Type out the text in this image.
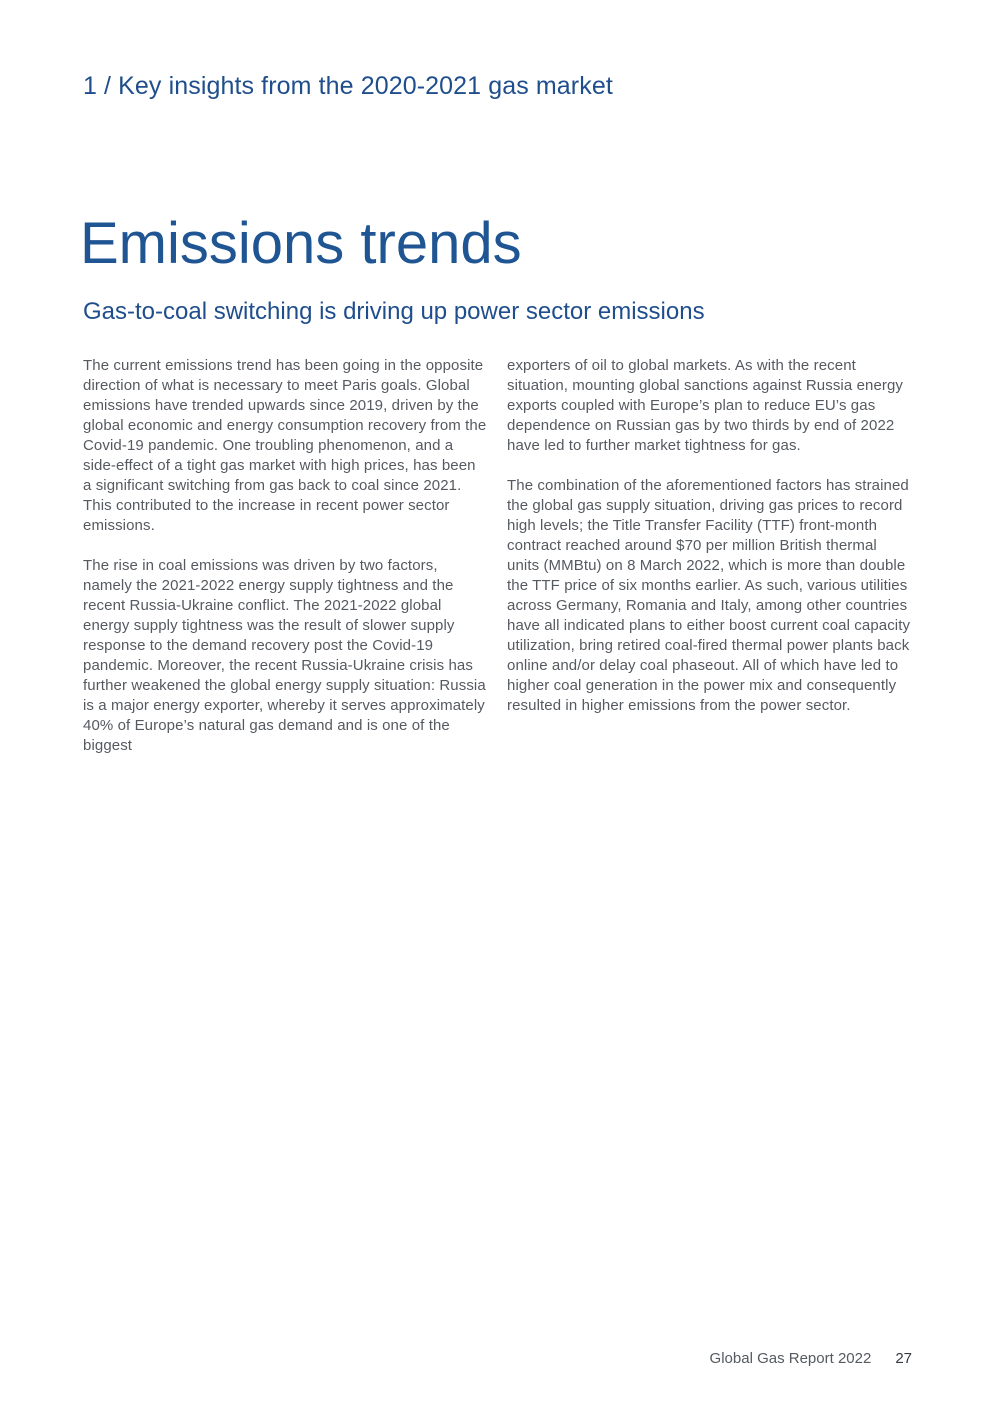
1 / Key insights from the 2020-2021 gas market
Emissions trends
Gas-to-coal switching is driving up power sector emissions

The current emissions trend has been going in the opposite direction of what is necessary to meet Paris goals. Global emissions have trended upwards since 2019, driven by the global economic and energy consumption recovery from the Covid-19 pandemic. One troubling phenomenon, and a side-effect of a tight gas market with high prices, has been a significant switching from gas back to coal since 2021. This contributed to the increase in recent power sector emissions.

The rise in coal emissions was driven by two factors, namely the 2021-2022 energy supply tightness and the recent Russia-Ukraine conflict. The 2021-2022 global energy supply tightness was the result of slower supply response to the demand recovery post the Covid-19 pandemic. Moreover, the recent Russia-Ukraine crisis has further weakened the global energy supply situation: Russia is a major energy exporter, whereby it serves approximately 40% of Europe’s natural gas demand and is one of the biggest

exporters of oil to global markets. As with the recent situation, mounting global sanctions against Russia energy exports coupled with Europe’s plan to reduce EU’s gas dependence on Russian gas by two thirds by end of 2022 have led to further market tightness for gas.

The combination of the aforementioned factors has strained the global gas supply situation, driving gas prices to record high levels; the Title Transfer Facility (TTF) front-month contract reached around $70 per million British thermal units (MMBtu) on 8 March 2022, which is more than double the TTF price of six months earlier. As such, various utilities across Germany, Romania and Italy, among other countries have all indicated plans to either boost current coal capacity utilization, bring retired coal-fired thermal power plants back online and/or delay coal phaseout. All of which have led to higher coal generation in the power mix and consequently resulted in higher emissions from the power sector.

Global Gas Report 2022 27
